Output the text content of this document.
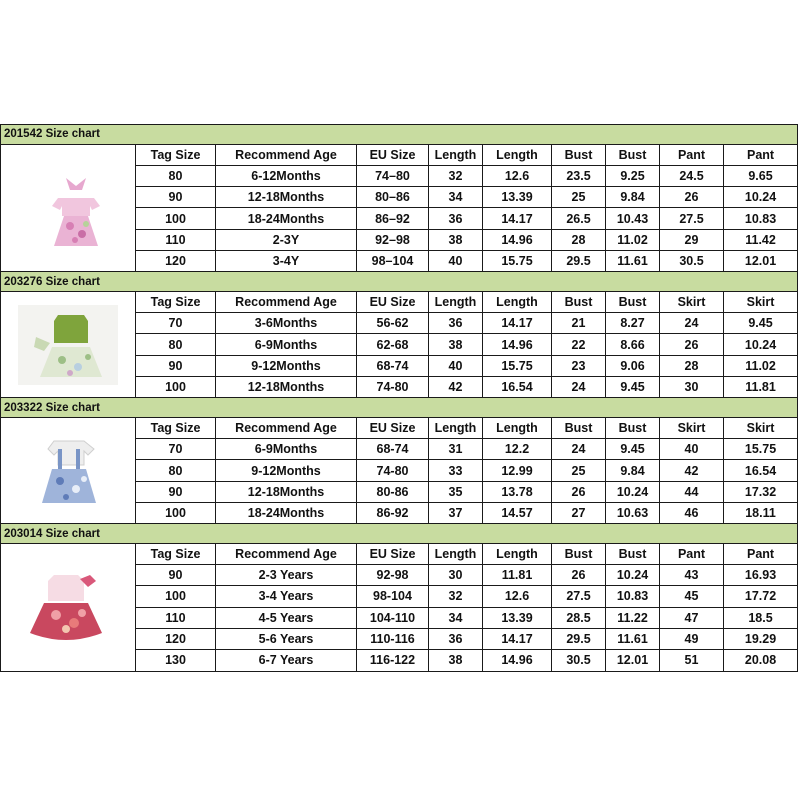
201542 Size chart									

	Tag Size	Recommend Age	EU Size	Length	Length	Bust	Bust	Pant	Pant
	80	6-12Months	74–80	32	12.6	23.5	9.25	24.5	9.65
	90	12-18Months	80–86	34	13.39	25	9.84	26	10.24
	100	18-24Months	86–92	36	14.17	26.5	10.43	27.5	10.83
	110	2-3Y	92–98	38	14.96	28	11.02	29	11.42
	120	3-4Y	98–104	40	15.75	29.5	11.61	30.5	12.01
203276 Size chart									

	Tag Size	Recommend Age	EU Size	Length	Length	Bust	Bust	Skirt	Skirt
	70	3-6Months	56-62	36	14.17	21	8.27	24	9.45
	80	6-9Months	62-68	38	14.96	22	8.66	26	10.24
	90	9-12Months	68-74	40	15.75	23	9.06	28	11.02
	100	12-18Months	74-80	42	16.54	24	9.45	30	11.81
203322 Size chart									

	Tag Size	Recommend Age	EU Size	Length	Length	Bust	Bust	Skirt	Skirt
	70	6-9Months	68-74	31	12.2	24	9.45	40	15.75
	80	9-12Months	74-80	33	12.99	25	9.84	42	16.54
	90	12-18Months	80-86	35	13.78	26	10.24	44	17.32
	100	18-24Months	86-92	37	14.57	27	10.63	46	18.11
203014 Size chart									

	Tag Size	Recommend Age	EU Size	Length	Length	Bust	Bust	Pant	Pant
	90	2-3 Years	92-98	30	11.81	26	10.24	43	16.93
	100	3-4 Years	98-104	32	12.6	27.5	10.83	45	17.72
	110	4-5 Years	104-110	34	13.39	28.5	11.22	47	18.5
	120	5-6 Years	110-116	36	14.17	29.5	11.61	49	19.29
	130	6-7 Years	116-122	38	14.96	30.5	12.01	51	20.08
